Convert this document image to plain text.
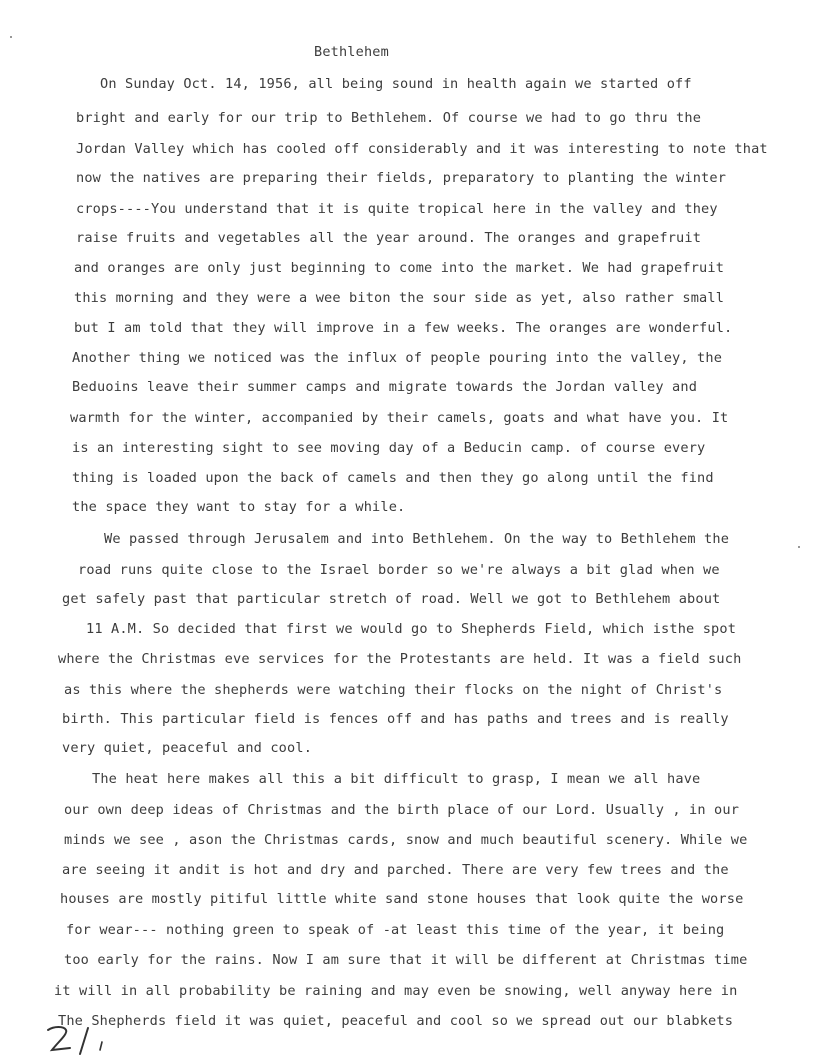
Bethlehem
On Sunday Oct. 14, 1956, all being sound in health again we started off
bright and early for our trip to Bethlehem. Of course we had to go thru the
Jordan Valley which has cooled off considerably and it was interesting to note that
now the natives are preparing their fields, preparatory to planting the winter
crops----You understand that it is quite tropical here in the valley and they
raise fruits and vegetables all the year around. The oranges and grapefruit
and oranges are only just beginning to come into the market. We had grapefruit
this morning and they were a wee biton the sour side as yet, also rather small
but I am told that they will improve in a few weeks. The oranges are wonderful.
Another thing we noticed was the influx of people pouring into the valley, the
Beduoins leave their summer camps and migrate towards the Jordan valley and
warmth for the winter, accompanied by their camels, goats and what have you. It
is an interesting sight to see moving day of a Beducin camp. of course every
thing is loaded upon the back of camels and then they go along until the find
the space they want to stay for a while.
We passed through Jerusalem and into Bethlehem. On the way to Bethlehem the
road runs quite close to the Israel border so we're always a bit glad when we
get safely past that particular stretch of road. Well we got to Bethlehem about
11 A.M. So decided that first we would go to Shepherds Field, which isthe spot
where the Christmas eve services for the Protestants are held. It was a field such
as this where the shepherds were watching their flocks on the night of Christ's
birth. This particular field is fences off and has paths and trees and is really
very quiet, peaceful and cool.
The heat here makes all this a bit difficult to grasp, I mean we all have
our own deep ideas of Christmas and the birth place of our Lord. Usually , in our
minds we see , ason the Christmas cards, snow and much beautiful scenery. While we
are seeing it andit is hot and dry and parched. There are very few trees and the
houses are mostly pitiful little white sand stone houses that look quite the worse
for wear--- nothing green to speak of -at least this time of the year, it being
too early for the rains. Now I am sure that it will be different at Christmas time
it will in all probability be raining and may even be snowing, well anyway here in
The Shepherds field it was quiet, peaceful and cool so we spread out our blabkets
